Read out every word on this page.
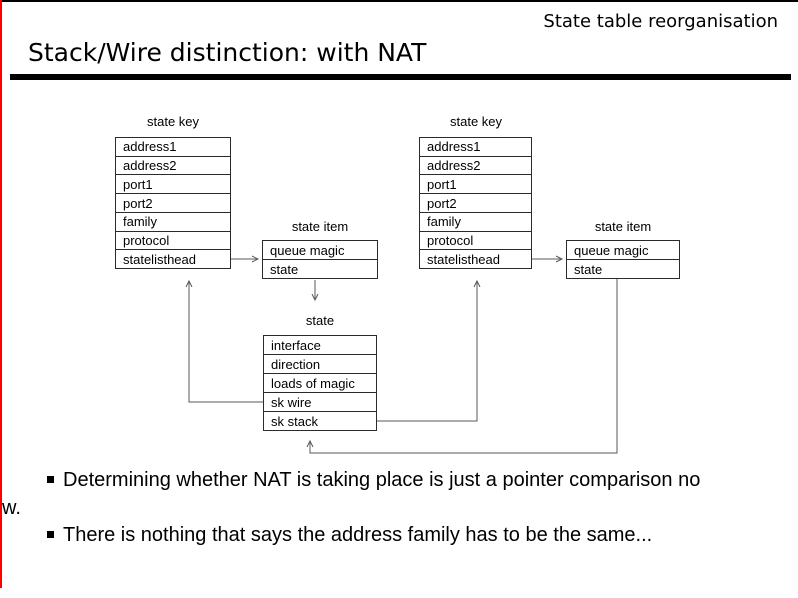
State table reorganisation
Stack/Wire distinction: with NAT
state key
address1
address2
port1
port2
family
protocol
statelisthead
state item
queue magic
state
state key
address1
address2
port1
port2
family
protocol
statelisthead
state item
queue magic
state
state
interface
direction
loads of magic
sk wire
sk stack
Determining whether NAT is taking place is just a pointer comparison no
w.
There is nothing that says the address family has to be the same...
